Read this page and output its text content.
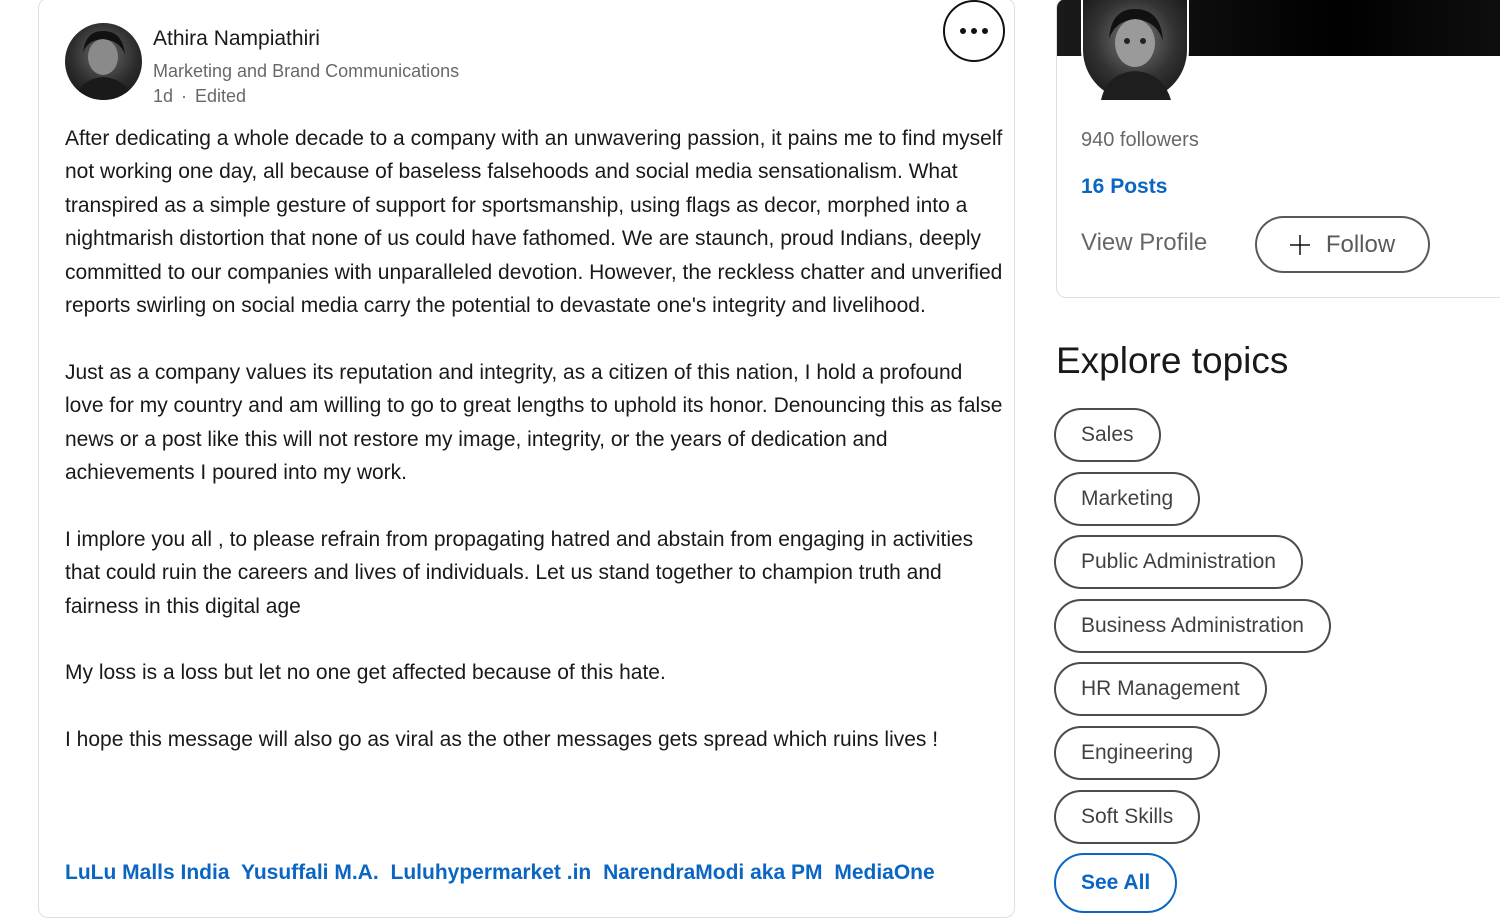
Athira Nampiathiri
Marketing and Brand Communications
1d · Edited

After dedicating a whole decade to a company with an unwavering passion, it pains me to find myself not working one day, all because of baseless falsehoods and social media sensationalism. What transpired as a simple gesture of support for sportsmanship, using flags as decor, morphed into a nightmarish distortion that none of us could have fathomed. We are staunch, proud Indians, deeply committed to our companies with unparalleled devotion. However, the reckless chatter and unverified reports swirling on social media carry the potential to devastate one's integrity and livelihood.

Just as a company values its reputation and integrity, as a citizen of this nation, I hold a profound love for my country and am willing to go to great lengths to uphold its honor. Denouncing this as false news or a post like this will not restore my image, integrity, or the years of dedication and achievements I poured into my work.

I implore you all , to please refrain from propagating hatred and abstain from engaging in activities that could ruin the careers and lives of individuals. Let us stand together to champion truth and fairness in this digital age

My loss is a loss but let no one get affected because of this hate.

I hope this message will also go as viral as the other messages gets spread which ruins lives !

LuLu Malls India Yusuffali M.A. Luluhypermarket .in NarendraModi aka PM MediaOne
940 followers
16 Posts
View Profile	Follow
Explore topics
Sales
Marketing
Public Administration
Business Administration
HR Management
Engineering
Soft Skills
See All
